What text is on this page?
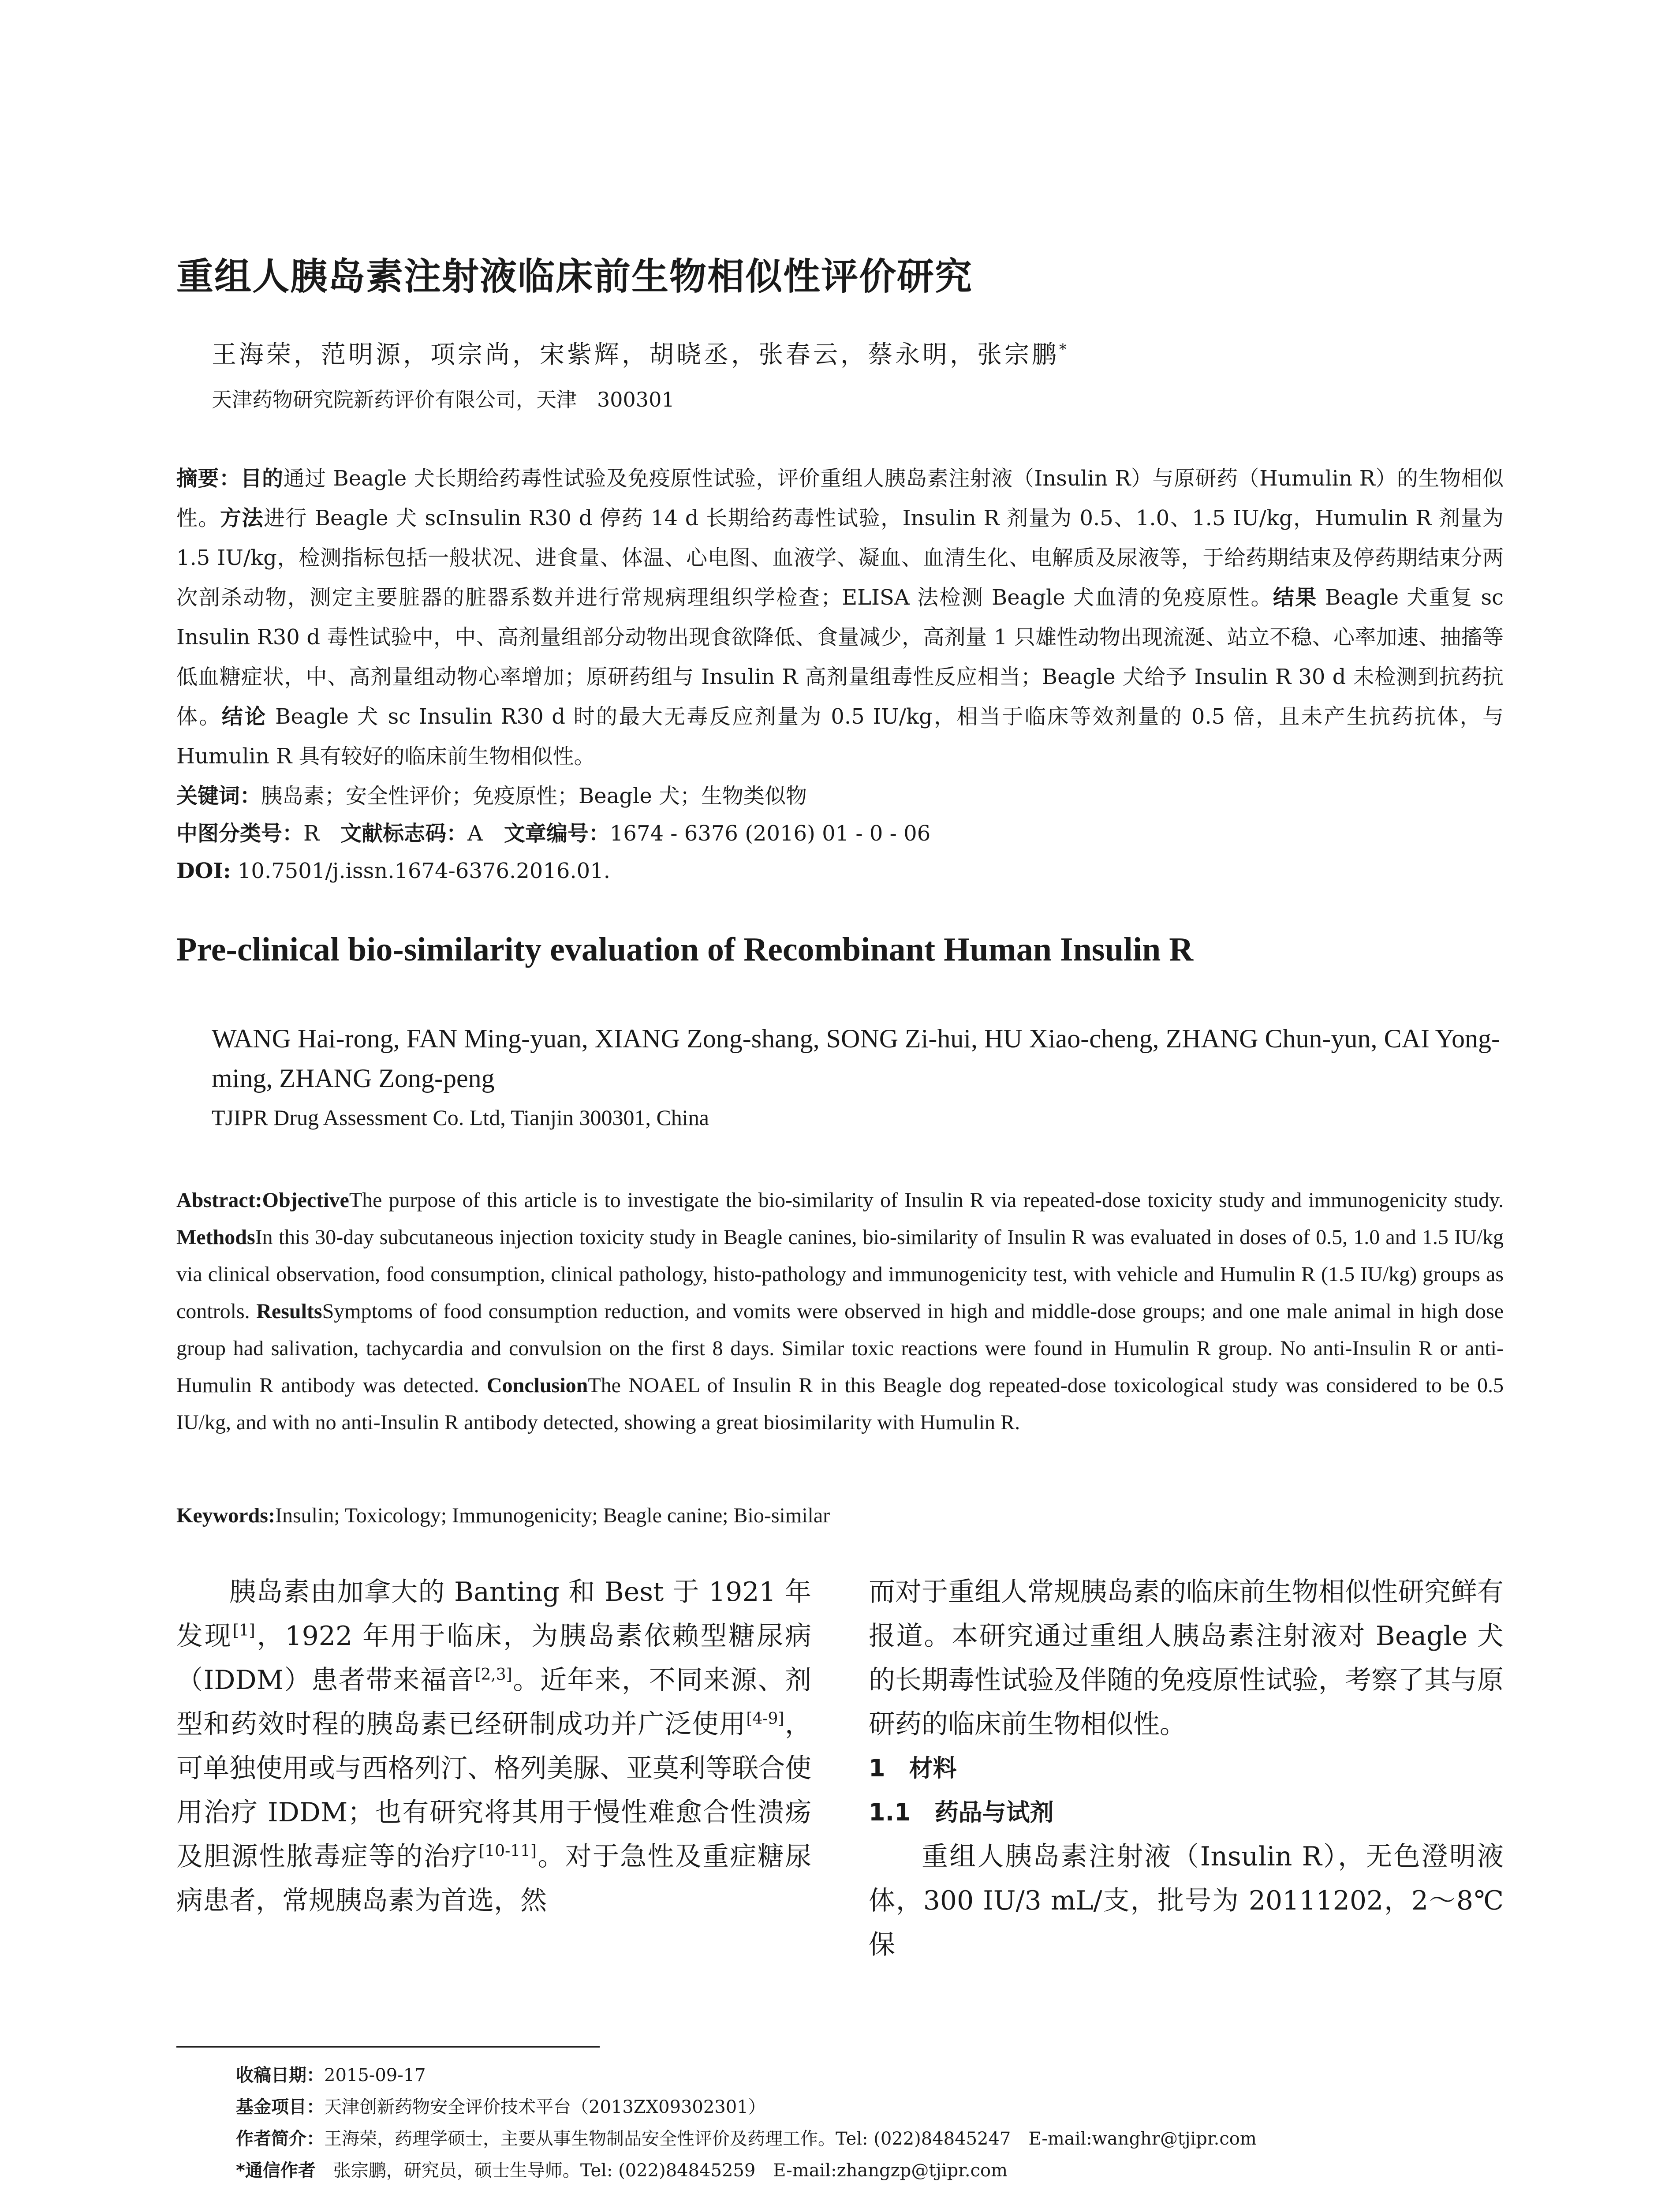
重组人胰岛素注射液临床前生物相似性评价研究
王海荣，范明源，项宗尚，宋紫辉，胡晓丞，张春云，蔡永明，张宗鹏*
天津药物研究院新药评价有限公司，天津　300301
摘要：目的通过 Beagle 犬长期给药毒性试验及免疫原性试验，评价重组人胰岛素注射液（Insulin R）与原研药（Humulin R）的生物相似性。方法进行 Beagle 犬 scInsulin R30 d 停药 14 d 长期给药毒性试验，Insulin R 剂量为 0.5、1.0、1.5 IU/kg，Humulin R 剂量为 1.5 IU/kg，检测指标包括一般状况、进食量、体温、心电图、血液学、凝血、血清生化、电解质及尿液等，于给药期结束及停药期结束分两次剖杀动物，测定主要脏器的脏器系数并进行常规病理组织学检查；ELISA 法检测 Beagle 犬血清的免疫原性。结果 Beagle 犬重复 sc Insulin R30 d 毒性试验中，中、高剂量组部分动物出现食欲降低、食量减少，高剂量 1 只雄性动物出现流涎、站立不稳、心率加速、抽搐等低血糖症状，中、高剂量组动物心率增加；原研药组与 Insulin R 高剂量组毒性反应相当；Beagle 犬给予 Insulin R 30 d 未检测到抗药抗体。结论 Beagle 犬 sc Insulin R30 d 时的最大无毒反应剂量为 0.5 IU/kg，相当于临床等效剂量的 0.5 倍，且未产生抗药抗体，与 Humulin R 具有较好的临床前生物相似性。
关键词：胰岛素；安全性评价；免疫原性；Beagle 犬；生物类似物
中图分类号：R　 文献标志码：A　 文章编号：1674 - 6376 (2016) 01 - 0 - 06
DOI: 10.7501/j.issn.1674-6376.2016.01.
Pre-clinical bio-similarity evaluation of Recombinant Human Insulin R
WANG Hai-rong, FAN Ming-yuan, XIANG Zong-shang, SONG Zi-hui, HU Xiao-cheng, ZHANG Chun-yun, CAI Yong-ming, ZHANG Zong-peng
TJIPR Drug Assessment Co. Ltd, Tianjin 300301, China
Abstract:ObjectiveThe purpose of this article is to investigate the bio-similarity of Insulin R via repeated-dose toxicity study and immunogenicity study. MethodsIn this 30-day subcutaneous injection toxicity study in Beagle canines, bio-similarity of Insulin R was evaluated in doses of 0.5, 1.0 and 1.5 IU/kg via clinical observation, food consumption, clinical pathology, histo-pathology and immunogenicity test, with vehicle and Humulin R (1.5 IU/kg) groups as controls. ResultsSymptoms of food consumption reduction, and vomits were observed in high and middle-dose groups; and one male animal in high dose group had salivation, tachycardia and convulsion on the first 8 days. Similar toxic reactions were found in Humulin R group. No anti-Insulin R or anti-Humulin R antibody was detected. ConclusionThe NOAEL of Insulin R in this Beagle dog repeated-dose toxicological study was considered to be 0.5 IU/kg, and with no anti-Insulin R antibody detected, showing a great biosimilarity with Humulin R.
Keywords:Insulin; Toxicology; Immunogenicity; Beagle canine; Bio-similar

胰岛素由加拿大的 Banting 和 Best 于 1921 年发现[1]，1922 年用于临床，为胰岛素依赖型糖尿病（IDDM）患者带来福音[2,3]。近年来，不同来源、剂型和药效时程的胰岛素已经研制成功并广泛使用[4-9]，可单独使用或与西格列汀、格列美脲、亚莫利等联合使用治疗 IDDM；也有研究将其用于慢性难愈合性溃疡及胆源性脓毒症等的治疗[10-11]。对于急性及重症糖尿病患者，常规胰岛素为首选，然

而对于重组人常规胰岛素的临床前生物相似性研究鲜有报道。本研究通过重组人胰岛素注射液对 Beagle 犬的长期毒性试验及伴随的免疫原性试验，考察了其与原研药的临床前生物相似性。

1　材料
1.1　药品与试剂

重组人胰岛素注射液（Insulin R），无色澄明液体，300 IU/3 mL/支，批号为 20111202，2～8℃保

收稿日期：2015-09-17
基金项目：天津创新药物安全评价技术平台（2013ZX09302301）
作者简介：王海荣，药理学硕士，主要从事生物制品安全性评价及药理工作。Tel: (022)84845247　E-mail:wanghr@tjipr.com
*通信作者　张宗鹏，研究员，硕士生导师。Tel: (022)84845259　E-mail:zhangzp@tjipr.com
